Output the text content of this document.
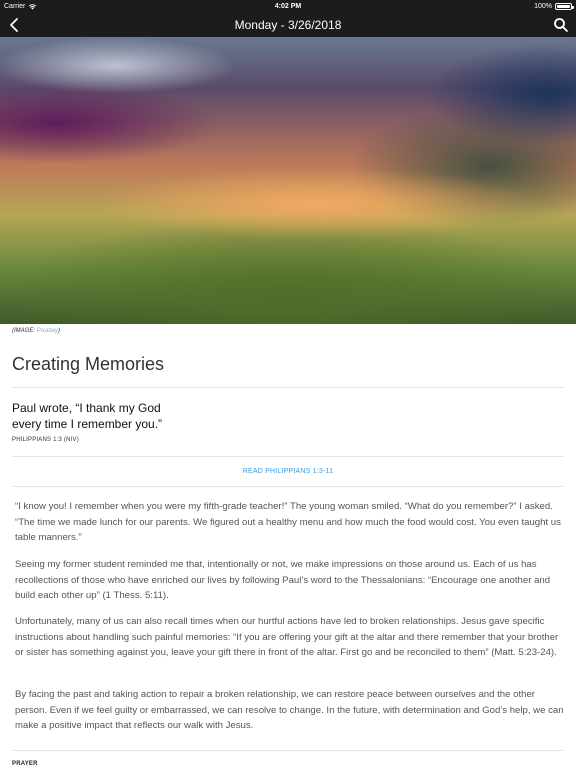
Carrier	4:02 PM	100%
Monday - 3/26/2018
(IMAGE: Pixabay)
Creating Memories
Paul wrote, “I thank my God every time I remember you.”
PHILIPPIANS 1:3 (NIV)
READ PHILIPPIANS 1:3-11
“I know you! I remember when you were my fifth-grade teacher!” The young woman smiled. “What do you remember?” I asked. “The time we made lunch for our parents. We figured out a healthy menu and how much the food would cost. You even taught us table manners.”
Seeing my former student reminded me that, intentionally or not, we make impressions on those around us. Each of us has recollections of those who have enriched our lives by following Paul’s word to the Thessalonians: “Encourage one another and build each other up” (1 Thess. 5:11).
Unfortunately, many of us can also recall times when our hurtful actions have led to broken relationships. Jesus gave specific instructions about handling such painful memories: “If you are offering your gift at the altar and there remember that your brother or sister has something against you, leave your gift there in front of the altar. First go and be reconciled to them” (Matt. 5:23-24).
By facing the past and taking action to repair a broken relationship, we can restore peace between ourselves and the other person. Even if we feel guilty or embarrassed, we can resolve to change. In the future, with determination and God’s help, we can make a positive impact that reflects our walk with Jesus.
PRAYER
